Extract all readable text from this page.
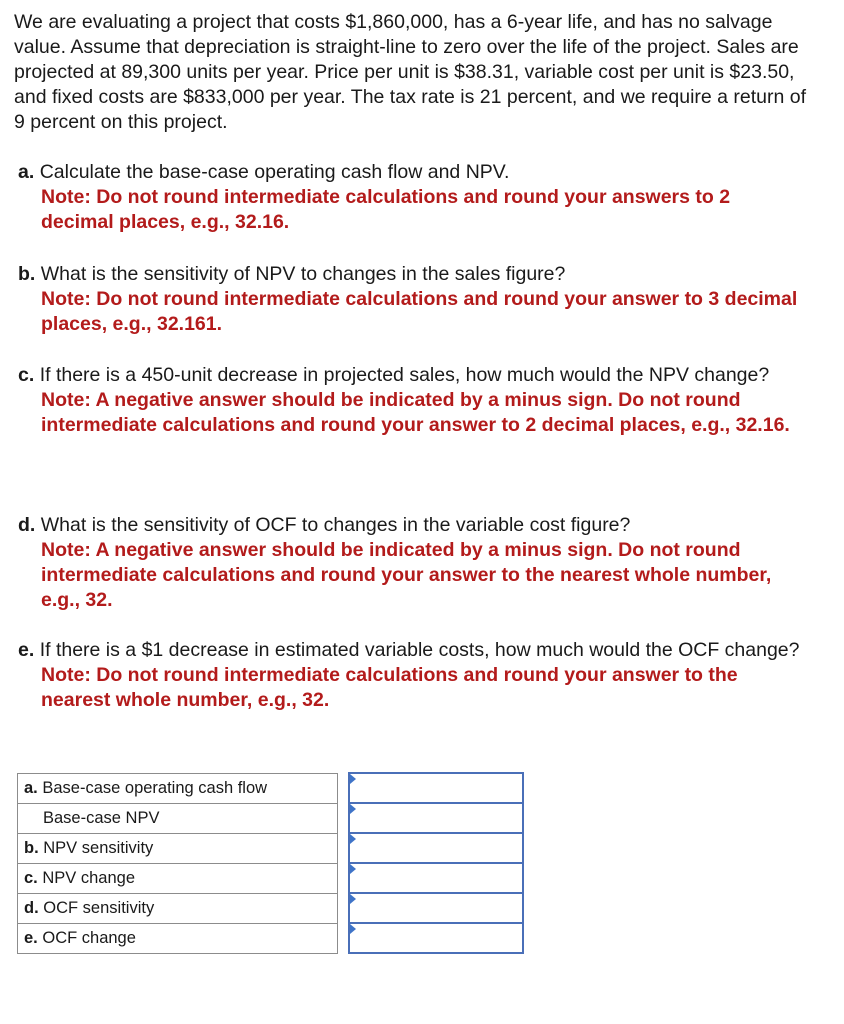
We are evaluating a project that costs $1,860,000, has a 6-year life, and has no salvage value. Assume that depreciation is straight-line to zero over the life of the project. Sales are projected at 89,300 units per year. Price per unit is $38.31, variable cost per unit is $23.50, and fixed costs are $833,000 per year. The tax rate is 21 percent, and we require a return of 9 percent on this project.

a. Calculate the base-case operating cash flow and NPV.

Note: Do not round intermediate calculations and round your answers to 2 decimal places, e.g., 32.16.

b. What is the sensitivity of NPV to changes in the sales figure?

Note: Do not round intermediate calculations and round your answer to 3 decimal places, e.g., 32.161.

c. If there is a 450-unit decrease in projected sales, how much would the NPV change?

Note: A negative answer should be indicated by a minus sign. Do not round intermediate calculations and round your answer to 2 decimal places, e.g., 32.16.

d. What is the sensitivity of OCF to changes in the variable cost figure?

Note: A negative answer should be indicated by a minus sign. Do not round intermediate calculations and round your answer to the nearest whole number, e.g., 32.

e. If there is a $1 decrease in estimated variable costs, how much would the OCF change?

Note: Do not round intermediate calculations and round your answer to the nearest whole number, e.g., 32.

a. Base-case operating cash flow		

Base-case NPV		

b. NPV sensitivity		

c. NPV change		

d. OCF sensitivity		

e. OCF change		
